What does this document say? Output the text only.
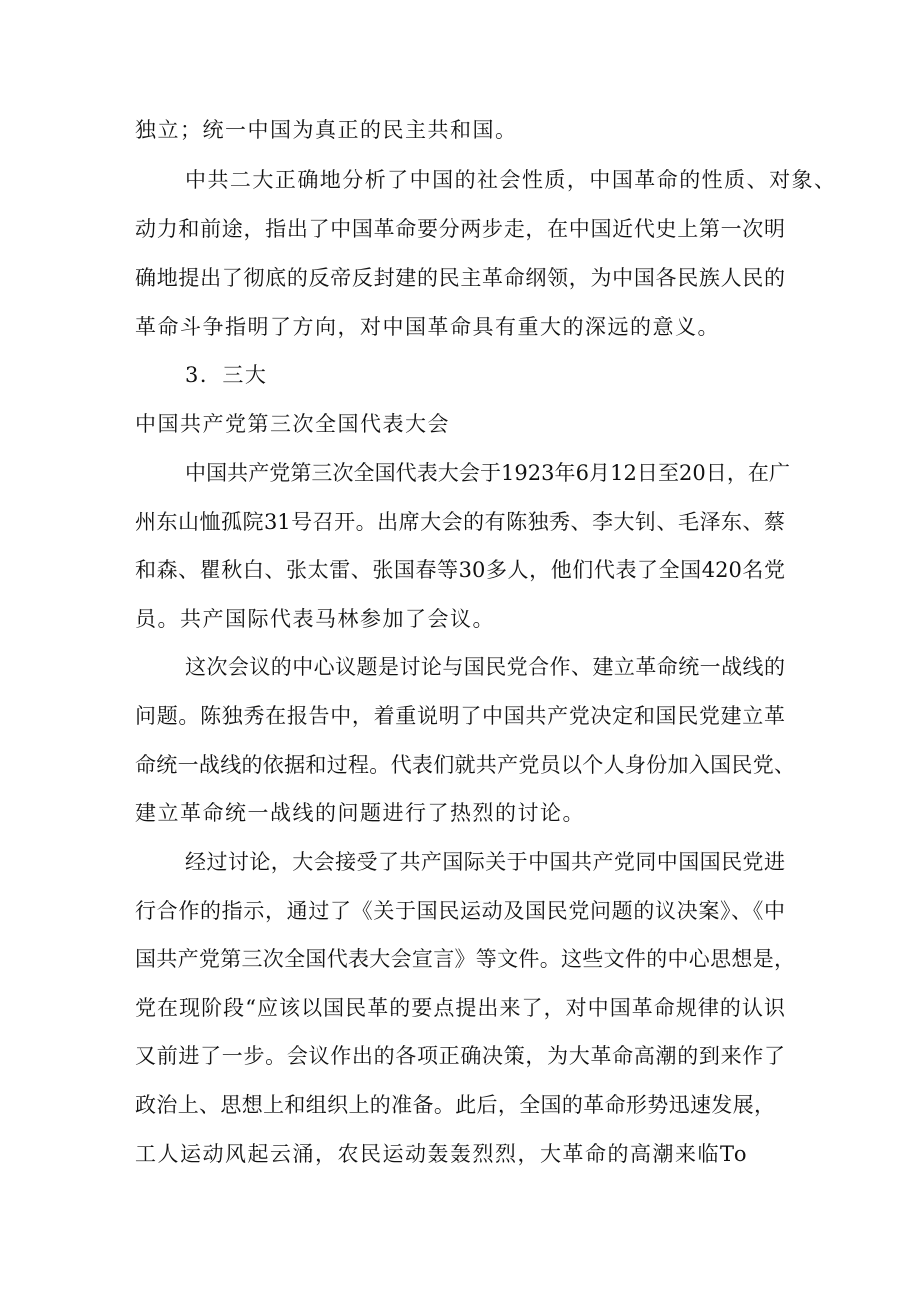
独立；统一中国为真正的民主共和国。

中共二大正确地分析了中国的社会性质，中国革命的性质、对象、

动力和前途，指出了中国革命要分两步走，在中国近代史上第一次明

确地提出了彻底的反帝反封建的民主革命纲领，为中国各民族人民的

革命斗争指明了方向，对中国革命具有重大的深远的意义。

3．三大

中国共产党第三次全国代表大会

中国共产党第三次全国代表大会于1923年6月12日至20日，在广

州东山恤孤院31号召开。出席大会的有陈独秀、李大钊、毛泽东、蔡

和森、瞿秋白、张太雷、张国春等30多人，他们代表了全国420名党

员。共产国际代表马林参加了会议。

这次会议的中心议题是讨论与国民党合作、建立革命统一战线的

问题。陈独秀在报告中，着重说明了中国共产党决定和国民党建立革

命统一战线的依据和过程。代表们就共产党员以个人身份加入国民党、

建立革命统一战线的问题进行了热烈的讨论。

经过讨论，大会接受了共产国际关于中国共产党同中国国民党进

行合作的指示，通过了《关于国民运动及国民党问题的议决案》、《中

国共产党第三次全国代表大会宣言》等文件。这些文件的中心思想是，

党在现阶段“应该以国民革的要点提出来了，对中国革命规律的认识

又前进了一步。会议作出的各项正确决策，为大革命高潮的到来作了

政治上、思想上和组织上的准备。此后，全国的革命形势迅速发展，

工人运动风起云涌，农民运动轰轰烈烈，大革命的高潮来临To
